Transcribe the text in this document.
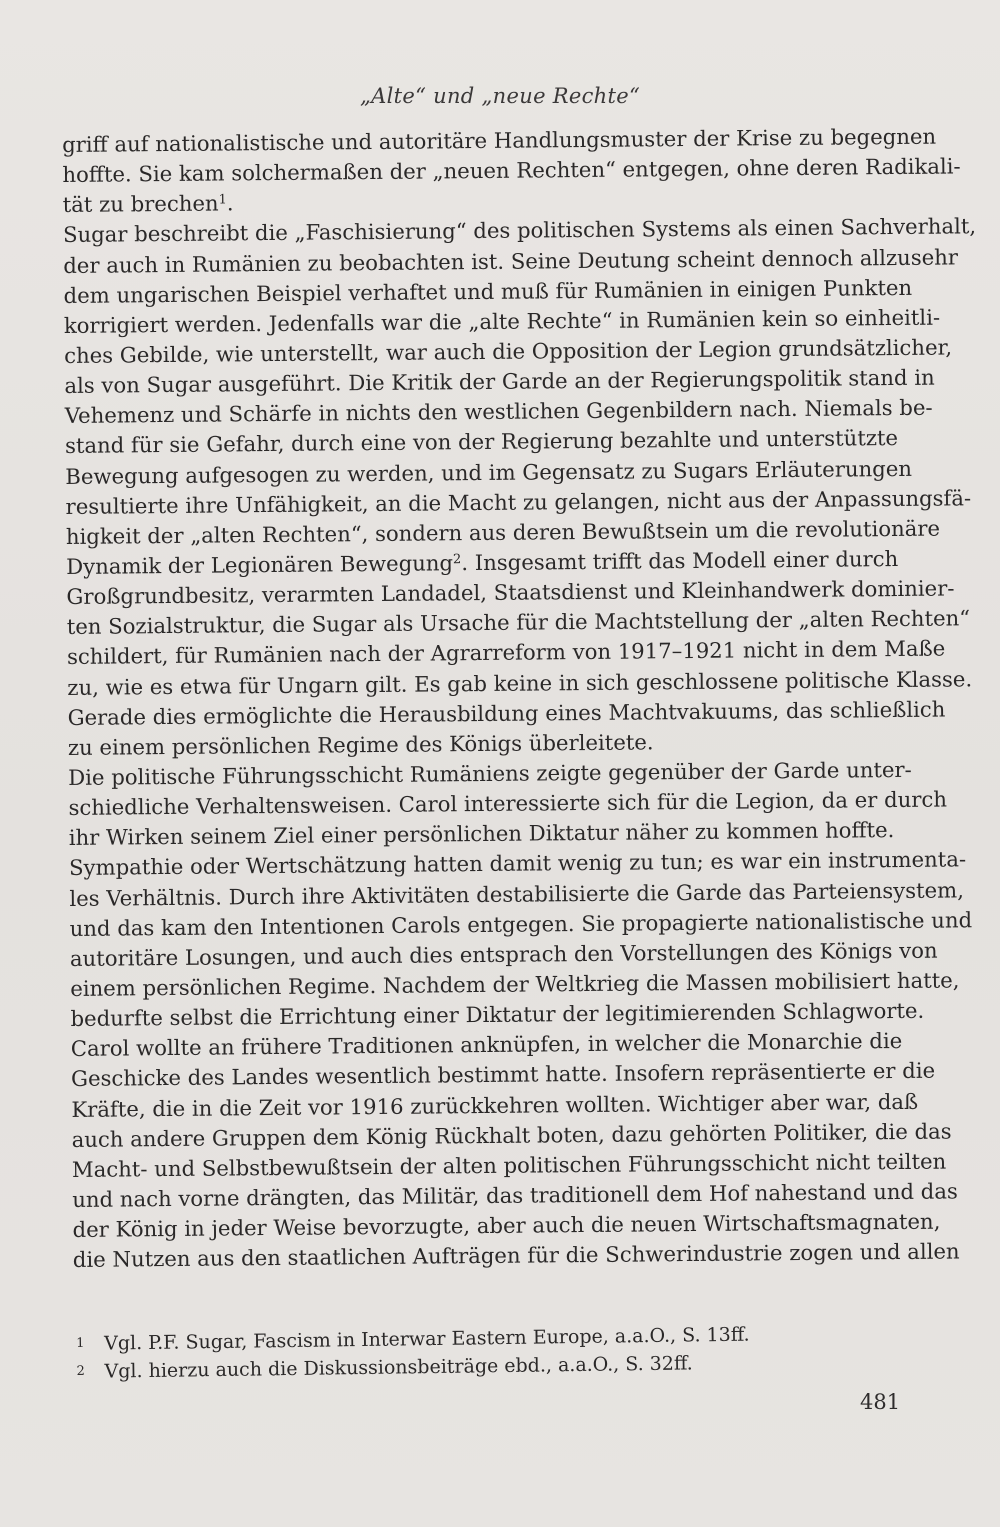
„Alte“ und „neue Rechte“
griff auf nationalistische und autoritäre Handlungsmuster der Krise zu begegnen
hoffte. Sie kam solchermaßen der „neuen Rechten“ entgegen, ohne deren Radikali-
tät zu brechen$^1$.
Sugar beschreibt die „Faschisierung“ des politischen Systems als einen Sachverhalt,
der auch in Rumänien zu beobachten ist. Seine Deutung scheint dennoch allzusehr
dem ungarischen Beispiel verhaftet und muß für Rumänien in einigen Punkten
korrigiert werden. Jedenfalls war die „alte Rechte“ in Rumänien kein so einheitli-
ches Gebilde, wie unterstellt, war auch die Opposition der Legion grundsätzlicher,
als von Sugar ausgeführt. Die Kritik der Garde an der Regierungspolitik stand in
Vehemenz und Schärfe in nichts den westlichen Gegenbildern nach. Niemals be-
stand für sie Gefahr, durch eine von der Regierung bezahlte und unterstützte
Bewegung aufgesogen zu werden, und im Gegensatz zu Sugars Erläuterungen
resultierte ihre Unfähigkeit, an die Macht zu gelangen, nicht aus der Anpassungsfä-
higkeit der „alten Rechten“, sondern aus deren Bewußtsein um die revolutionäre
Dynamik der Legionären Bewegung$^2$. Insgesamt trifft das Modell einer durch
Großgrundbesitz, verarmten Landadel, Staatsdienst und Kleinhandwerk dominier-
ten Sozialstruktur, die Sugar als Ursache für die Machtstellung der „alten Rechten“
schildert, für Rumänien nach der Agrarreform von 1917–1921 nicht in dem Maße
zu, wie es etwa für Ungarn gilt. Es gab keine in sich geschlossene politische Klasse.
Gerade dies ermöglichte die Herausbildung eines Machtvakuums, das schließlich
zu einem persönlichen Regime des Königs überleitete.
Die politische Führungsschicht Rumäniens zeigte gegenüber der Garde unter-
schiedliche Verhaltensweisen. Carol interessierte sich für die Legion, da er durch
ihr Wirken seinem Ziel einer persönlichen Diktatur näher zu kommen hoffte.
Sympathie oder Wertschätzung hatten damit wenig zu tun; es war ein instrumenta-
les Verhältnis. Durch ihre Aktivitäten destabilisierte die Garde das Parteiensystem,
und das kam den Intentionen Carols entgegen. Sie propagierte nationalistische und
autoritäre Losungen, und auch dies entsprach den Vorstellungen des Königs von
einem persönlichen Regime. Nachdem der Weltkrieg die Massen mobilisiert hatte,
bedurfte selbst die Errichtung einer Diktatur der legitimierenden Schlagworte.
Carol wollte an frühere Traditionen anknüpfen, in welcher die Monarchie die
Geschicke des Landes wesentlich bestimmt hatte. Insofern repräsentierte er die
Kräfte, die in die Zeit vor 1916 zurückkehren wollten. Wichtiger aber war, daß
auch andere Gruppen dem König Rückhalt boten, dazu gehörten Politiker, die das
Macht- und Selbstbewußtsein der alten politischen Führungsschicht nicht teilten
und nach vorne drängten, das Militär, das traditionell dem Hof nahestand und das
der König in jeder Weise bevorzugte, aber auch die neuen Wirtschaftsmagnaten,
die Nutzen aus den staatlichen Aufträgen für die Schwerindustrie zogen und allen
1	Vgl. P.F. Sugar, Fascism in Interwar Eastern Europe, a.a.O., S. 13ff.
2	Vgl. hierzu auch die Diskussionsbeiträge ebd., a.a.O., S. 32ff.
481
